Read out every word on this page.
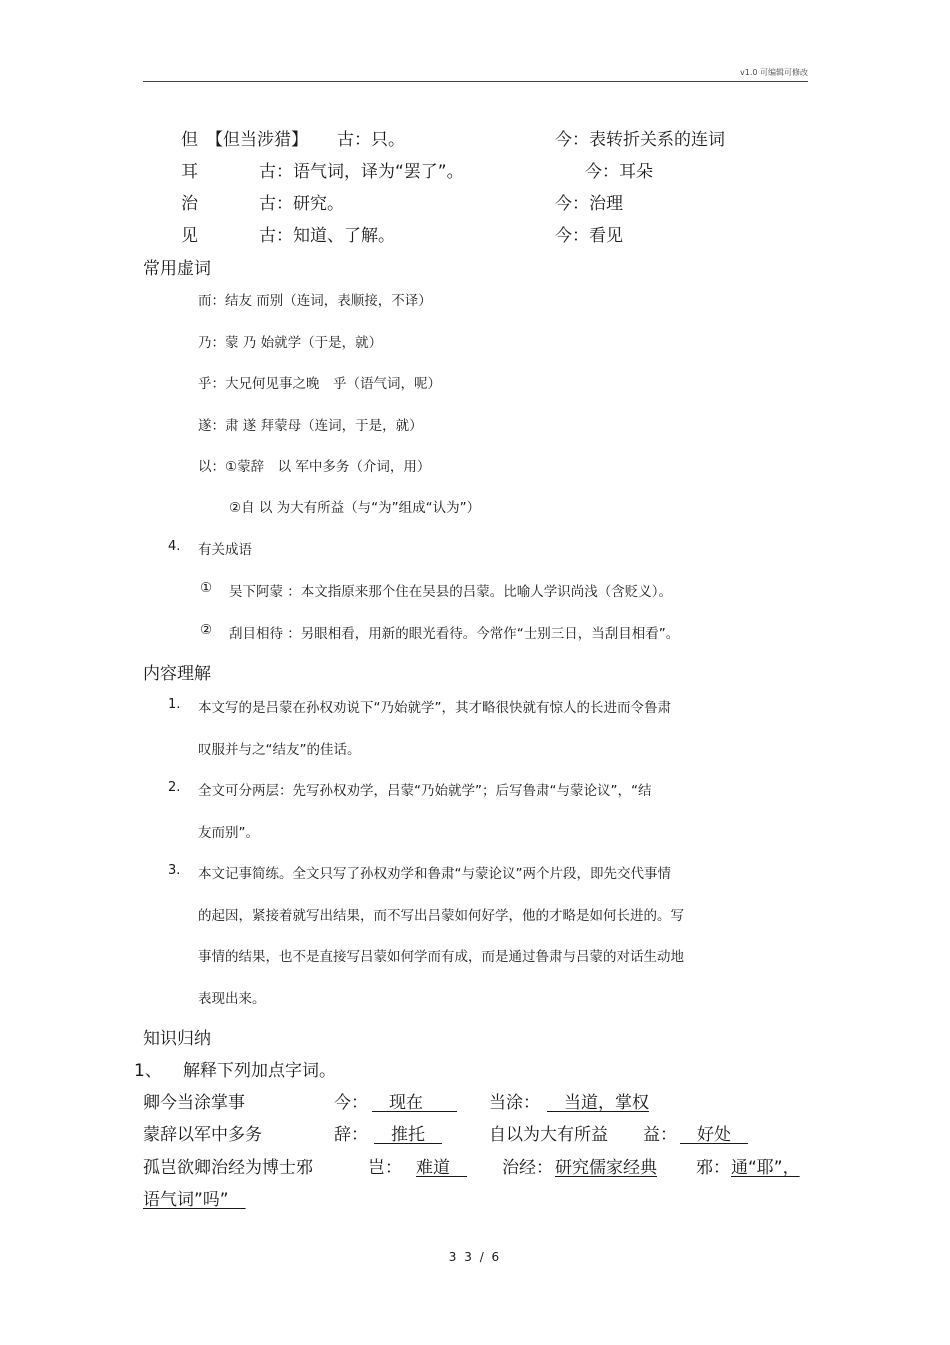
v1.0 可编辑可修改
但 【但当涉猎】 古：只。	今：表转折关系的连词
耳	古：语气词，译为“罢了”。	今：耳朵
治	古：研究。	今：治理
见	古：知道、了解。	今：看见
常用虚词
而：结友 而别（连词，表顺接，不译）
乃：蒙 乃 始就学（于是，就）
乎：大兄何见事之晚　乎（语气词，呢）
遂：肃 遂 拜蒙母（连词，于是，就）
以：①蒙辞　以 军中多务（介词，用）
②自 以 为大有所益（与“为”组成“认为”）
4. 有关成语
① 吴下阿蒙 ：本文指原来那个住在吴县的吕蒙。比喻人学识尚浅（含贬义）。
② 刮目相待 ：另眼相看，用新的眼光看待。今常作“士别三日，当刮目相看”。
内容理解
1. 本文写的是吕蒙在孙权劝说下“乃始就学”，其才略很快就有惊人的长进而令鲁肃
叹服并与之“结友”的佳话。
2. 全文可分两层：先写孙权劝学，吕蒙“乃始就学”；后写鲁肃“与蒙论议”，“结
友而别”。
3. 本文记事简练。全文只写了孙权劝学和鲁肃“与蒙论议”两个片段，即先交代事情
的起因，紧接着就写出结果，而不写出吕蒙如何好学，他的才略是如何长进的。写
事情的结果，也不是直接写吕蒙如何学而有成，而是通过鲁肃与吕蒙的对话生动地
表现出来。
知识归纳
1、 解释下列加点字词。
卿今当涂掌事	今： 　现在　　	当涂： 　当道，掌权
蒙辞以军中多务	辞： 　推托　	自以为大有所益 益： 　好处　
孤岂欲卿治经为博士邪	岂： 难道　 治经： 研究儒家经典 邪： 通“耶”，
语气词”吗”　
3 3 / 6
